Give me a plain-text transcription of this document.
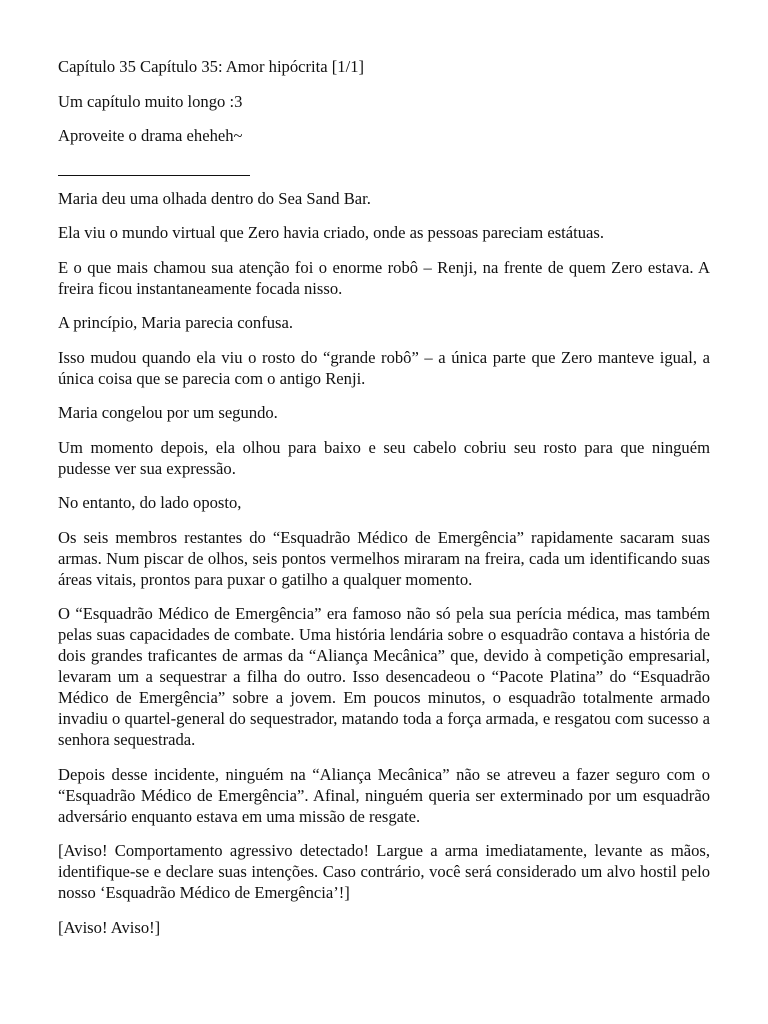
Capítulo 35 Capítulo 35: Amor hipócrita [1/1]

Um capítulo muito longo :3

Aproveite o drama eheheh~

Maria deu uma olhada dentro do Sea Sand Bar.

Ela viu o mundo virtual que Zero havia criado, onde as pessoas pareciam estátuas.

E o que mais chamou sua atenção foi o enorme robô – Renji, na frente de quem Zero estava. A freira ficou instantaneamente focada nisso.

A princípio, Maria parecia confusa.

Isso mudou quando ela viu o rosto do “grande robô” – a única parte que Zero manteve igual, a única coisa que se parecia com o antigo Renji.

Maria congelou por um segundo.

Um momento depois, ela olhou para baixo e seu cabelo cobriu seu rosto para que ninguém pudesse ver sua expressão.

No entanto, do lado oposto,

Os seis membros restantes do “Esquadrão Médico de Emergência” rapidamente sacaram suas armas. Num piscar de olhos, seis pontos vermelhos miraram na freira, cada um identificando suas áreas vitais, prontos para puxar o gatilho a qualquer momento.

O “Esquadrão Médico de Emergência” era famoso não só pela sua perícia médica, mas também pelas suas capacidades de combate. Uma história lendária sobre o esquadrão contava a história de dois grandes traficantes de armas da “Aliança Mecânica” que, devido à competição empresarial, levaram um a sequestrar a filha do outro. Isso desencadeou o “Pacote Platina” do “Esquadrão Médico de Emergência” sobre a jovem. Em poucos minutos, o esquadrão totalmente armado invadiu o quartel-general do sequestrador, matando toda a força armada, e resgatou com sucesso a senhora sequestrada.

Depois desse incidente, ninguém na “Aliança Mecânica” não se atreveu a fazer seguro com o “Esquadrão Médico de Emergência”. Afinal, ninguém queria ser exterminado por um esquadrão adversário enquanto estava em uma missão de resgate.

[Aviso! Comportamento agressivo detectado! Largue a arma imediatamente, levante as mãos, identifique-se e declare suas intenções. Caso contrário, você será considerado um alvo hostil pelo nosso ‘Esquadrão Médico de Emergência’!]

[Aviso! Aviso!]
